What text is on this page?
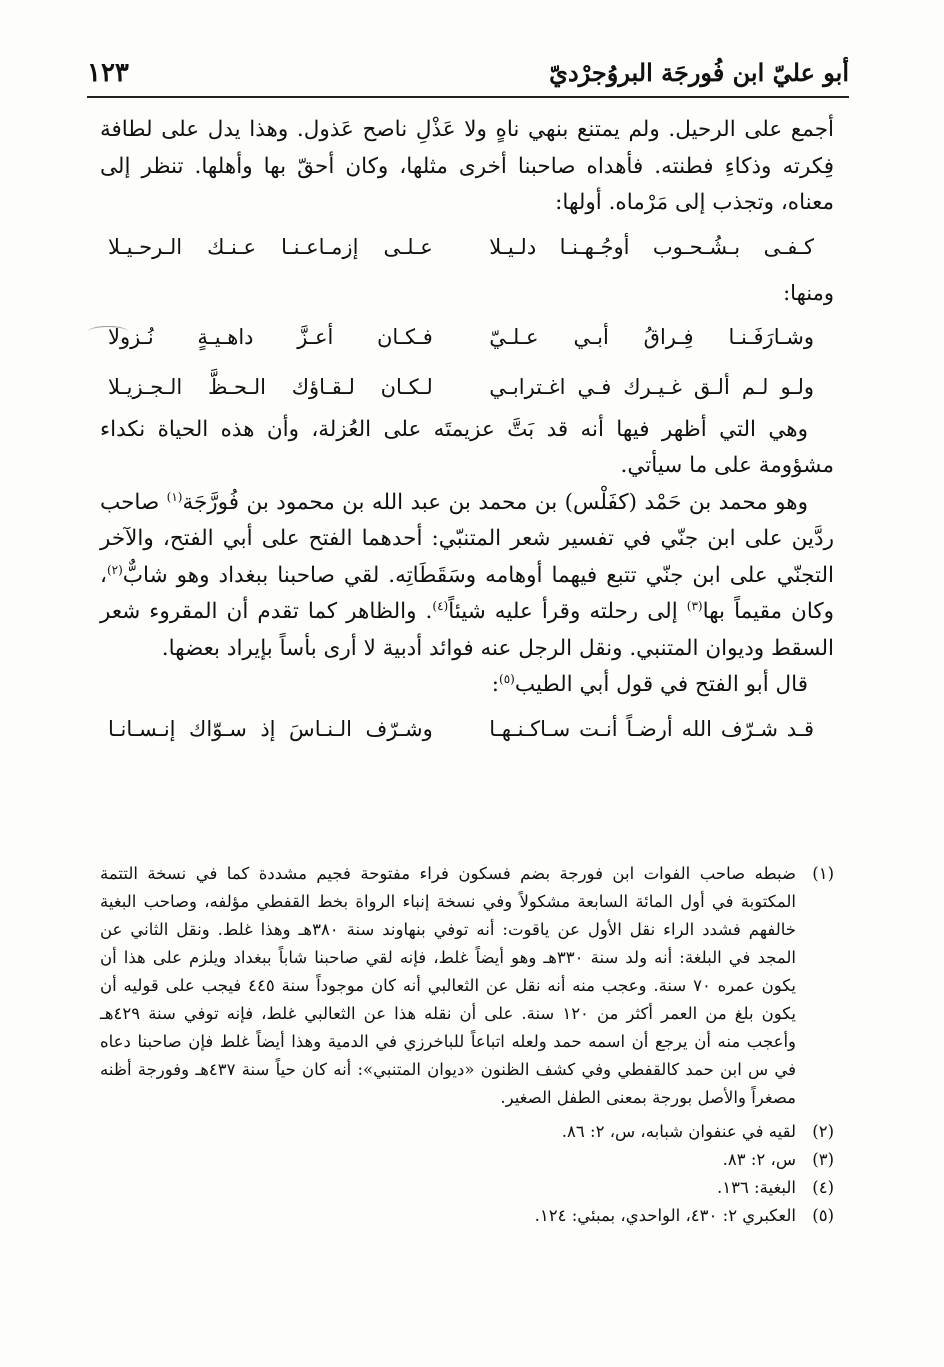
أبو عليّ ابن فُورجَة البروُجرْديّ
١٢٣

أجمع على الرحيل. ولم يمتنع بنهي ناهٍ ولا عَذْلِ ناصح عَذول. وهذا يدل على لطافة فِكرته وذكاءِ فطنته. فأهداه صاحبنا أخرى مثلها، وكان أحقّ بها وأهلها. تنظر إلى معناه، وتجذب إلى مَرْماه. أولها:

كـفـى بـشُـحـوب أوجُـهـنـا دلـيـلا
عـلـى إزمـاعـنـا عـنـك الـرحـيـلا
ومنها:
وشـارَفَـنـا فِـراقُ أبـي عـلـيّ
فـكـان أعـزَّ داهـيـةٍ نُـزولا
ولـو لـم ألـق غـيـرك فـي اغـترابـي
لـكـان لـقـاؤك الـحـظَّ الـجـزيـلا

وهي التي أظهر فيها أنه قد بَتَّ عزيمتَه على العُزلة، وأن هذه الحياة نكداء مشؤومة على ما سيأتي.

وهو محمد بن حَمْد (كفَلْس) بن محمد بن عبد الله بن محمود بن فُورَّجَة$^{(١)}$ صاحب ردَّين على ابن جنّي في تفسير شعر المتنبّي: أحدهما الفتح على أبي الفتح، والآخر التجنّي على ابن جنّي تتبع فيهما أوهامه وسَقَطَاتِه. لقي صاحبنا ببغداد وهو شابٌّ$^{(٢)}$، وكان مقيماً بها$^{(٣)}$ إلى رحلته وقرأ عليه شيئاً$^{(٤)}$. والظاهر كما تقدم أن المقروء شعر السقط وديوان المتنبي. ونقل الرجل عنه فوائد أدبية لا أرى بأساً بإيراد بعضها.

قال أبو الفتح في قول أبي الطيب$^{(٥)}$:

قـد شـرّف الله أرضـاً أنـت سـاكـنـهـا
وشـرّف الـنـاسَ إذ سـوّاك إنـسـانـا
(١)
ضبطه صاحب الفوات ابن فورجة بضم فسكون فراء مفتوحة فجيم مشددة كما في نسخة التتمة المكتوبة في أول المائة السابعة مشكولاً وفي نسخة إنباء الرواة بخط القفطي مؤلفه، وصاحب البغية خالفهم فشدد الراء نقل الأول عن ياقوت: أنه توفي بنهاوند سنة ٣٨٠هـ وهذا غلط. ونقل الثاني عن المجد في البلغة: أنه ولد سنة ٣٣٠هـ وهو أيضاً غلط، فإنه لقي صاحبنا شاباً ببغداد ويلزم على هذا أن يكون عمره ٧٠ سنة. وعجب منه أنه نقل عن الثعالبي أنه كان موجوداً سنة ٤٤٥ فيجب على قوليه أن يكون بلغ من العمر أكثر من ١٢٠ سنة. على أن نقله هذا عن الثعالبي غلط، فإنه توفي سنة ٤٢٩هـ وأعجب منه أن يرجع أن اسمه حمد ولعله اتباعاً للباخرزي في الدمية وهذا أيضاً غلط فإن صاحبنا دعاه في س ابن حمد كالقفطي وفي كشف الظنون «ديوان المتنبي»: أنه كان حياً سنة ٤٣٧هـ وفورجة أظنه مصغراً والأصل بورجة بمعنى الطفل الصغير.
(٢)
لقيه في عنفوان شبابه، س، ٢: ٨٦.
(٣)
س، ٢: ٨٣.
(٤)
البغية: ١٣٦.
(٥)
العكبري ٢: ٤٣٠، الواحدي، بمبئي: ١٢٤.
